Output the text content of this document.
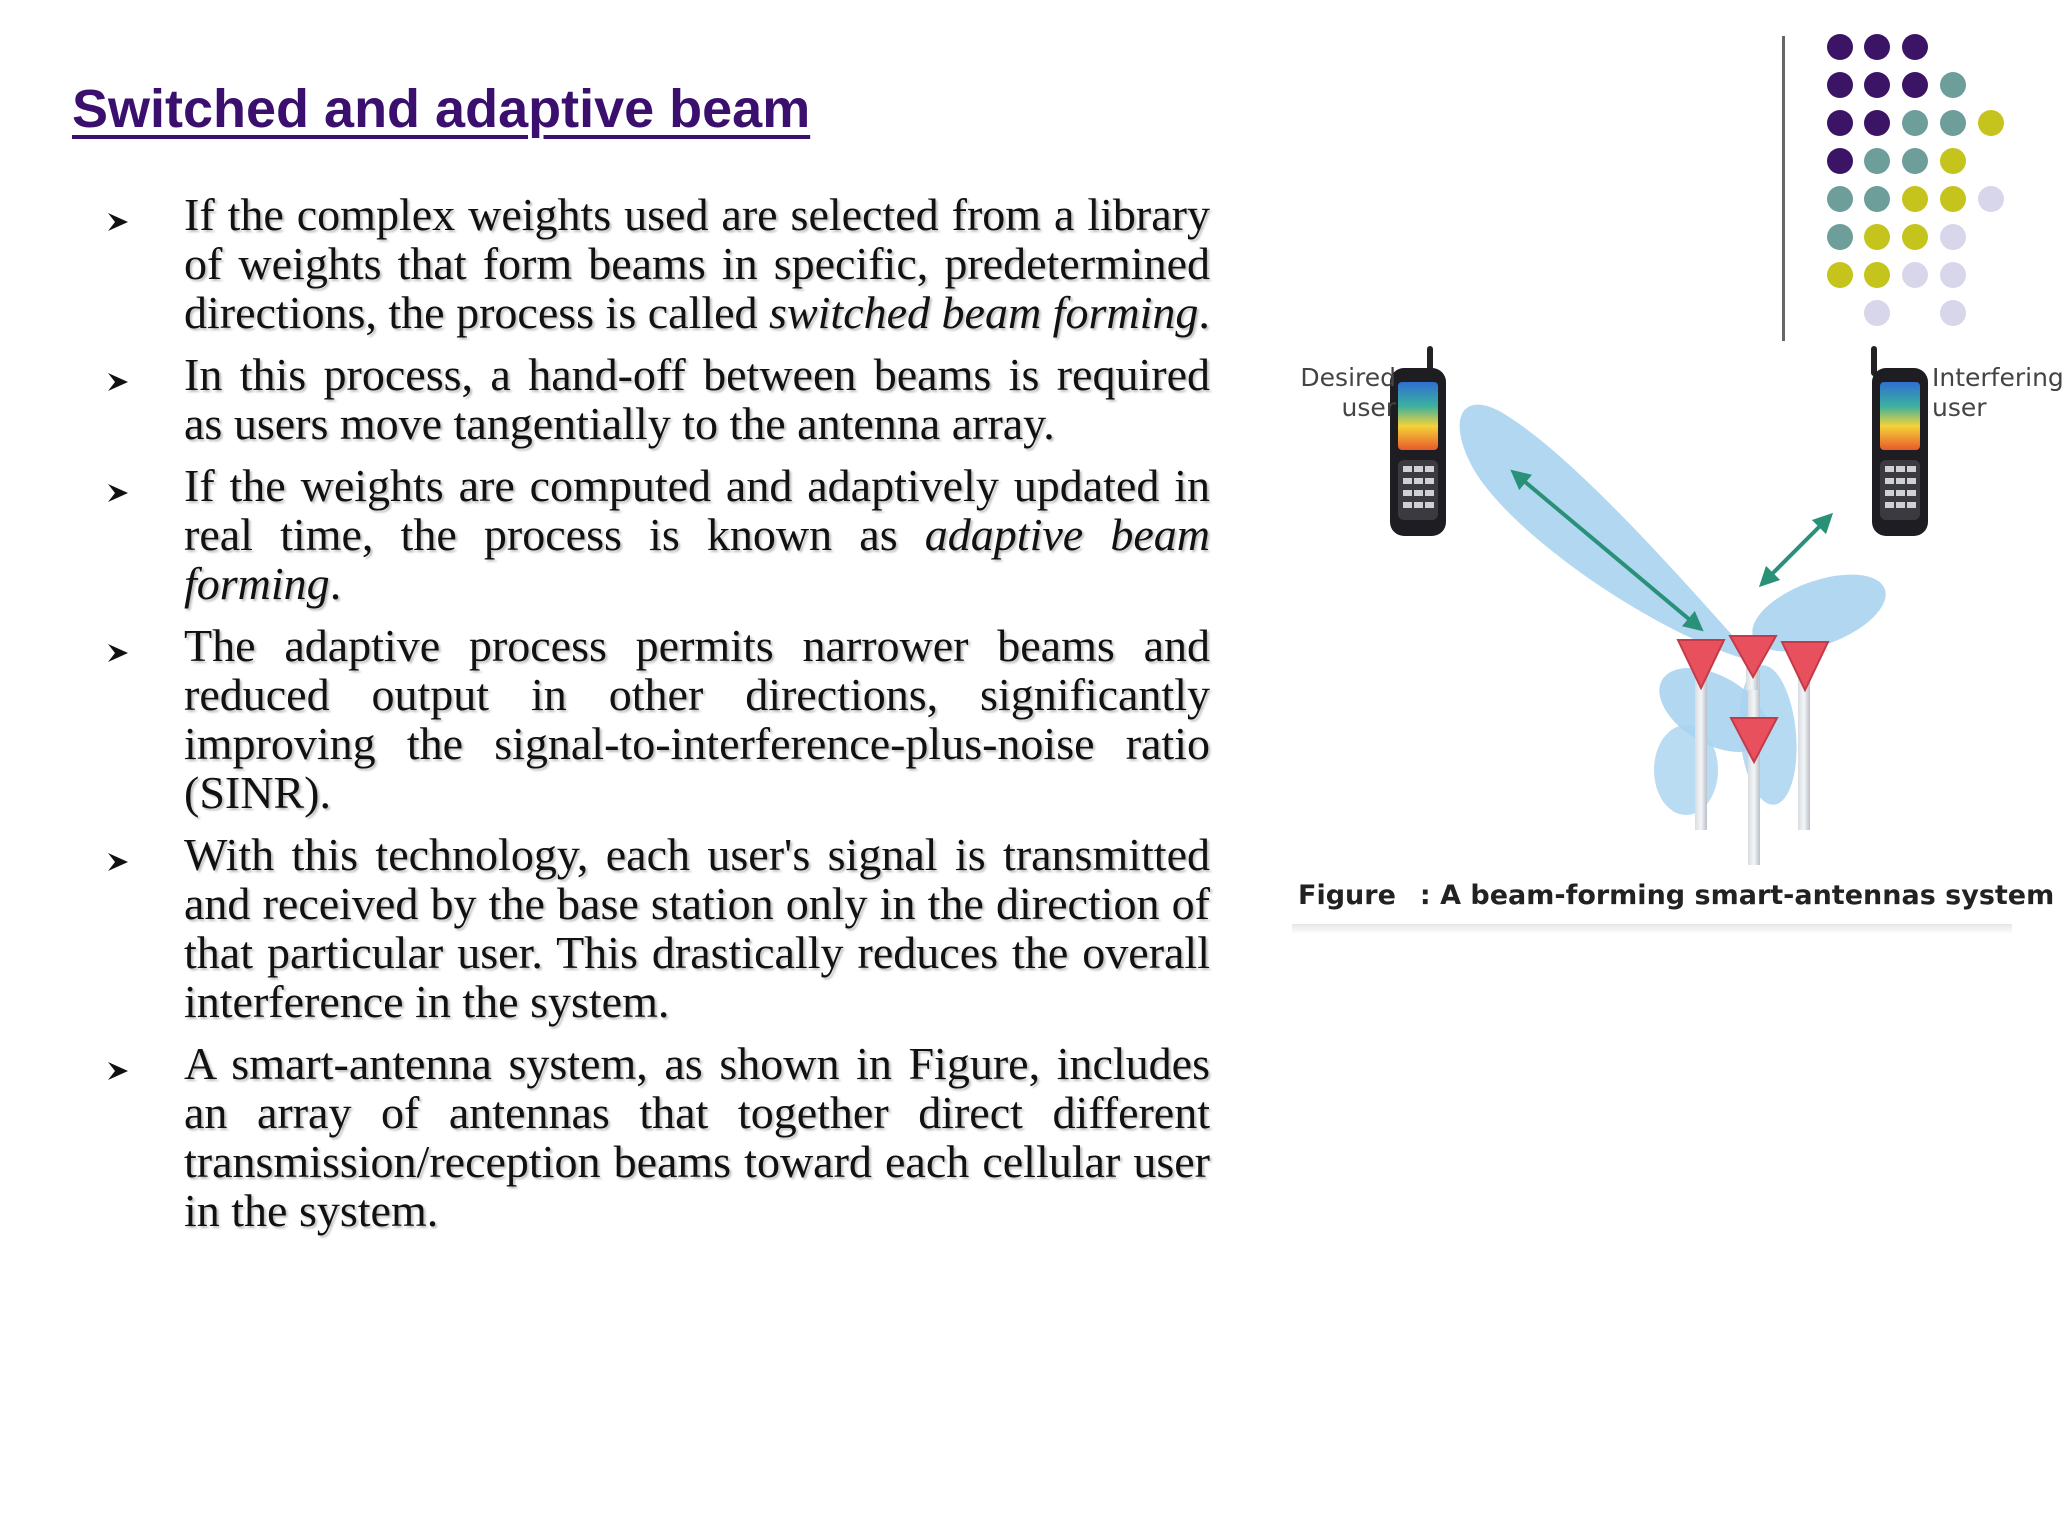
Switched and adaptive beam
If the complex weights used are selected from a library of weights that form beams in specific, predetermined directions, the process is called switched beam forming.
In this process, a hand-off between beams is required as users move tangentially to the antenna array.
If the weights are computed and adaptively updated in real time, the process is known as adaptive beam forming.
The adaptive process permits narrower beams and reduced output in other directions, significantly improving the signal-to-interference-plus-noise ratio (SINR).
With this technology, each user's signal is transmitted and received by the base station only in the direction of that particular user. This drastically reduces the overall interference in the system.
A smart-antenna system, as shown in Figure, includes an array of antennas that together direct different transmission/reception beams toward each cellular user in the system.
Desired
user
Interfering
user
Figure : A beam-forming smart-antennas system
